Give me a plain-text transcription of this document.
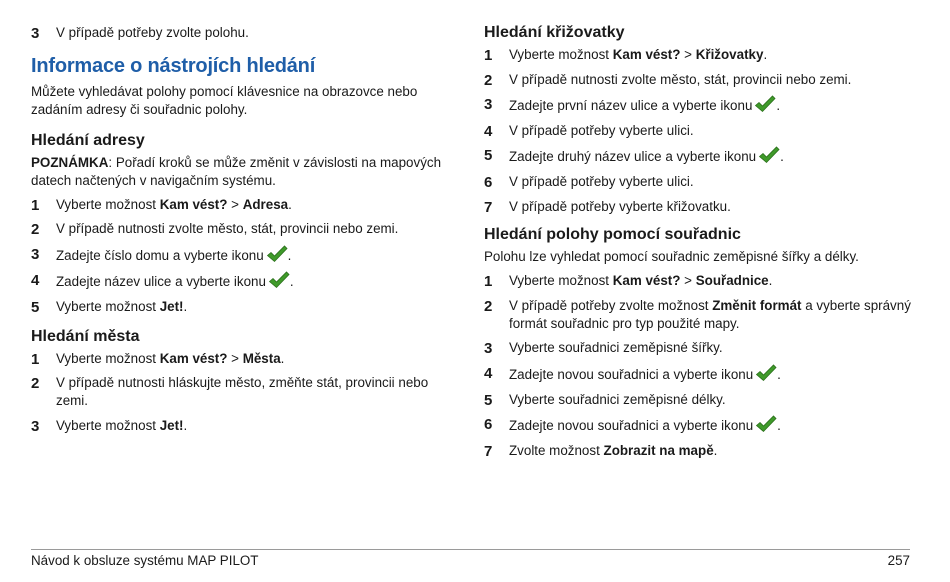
3 V případě potřeby zvolte polohu.
Informace o nástrojích hledání

Můžete vyhledávat polohy pomocí klávesnice na obrazovce nebo zadáním adresy či souřadnic polohy.

Hledání adresy

POZNÁMKA: Pořadí kroků se může změnit v závislosti na mapových datech načtených v navigačním systému.

1 Vyberte možnost Kam vést? > Adresa.
2 V případě nutnosti zvolte město, stát, provincii nebo zemi.
3 Zadejte číslo domu a vyberte ikonu .
4 Zadejte název ulice a vyberte ikonu .
5 Vyberte možnost Jet!.
Hledání města
1 Vyberte možnost Kam vést? > Města.
2 V případě nutnosti hláskujte město, změňte stát, provincii nebo zemi.
3 Vyberte možnost Jet!.
Hledání křižovatky
1 Vyberte možnost Kam vést? > Křižovatky.
2 V případě nutnosti zvolte město, stát, provincii nebo zemi.
3 Zadejte první název ulice a vyberte ikonu .
4 V případě potřeby vyberte ulici.
5 Zadejte druhý název ulice a vyberte ikonu .
6 V případě potřeby vyberte ulici.
7 V případě potřeby vyberte křižovatku.
Hledání polohy pomocí souřadnic

Polohu lze vyhledat pomocí souřadnic zeměpisné šířky a délky.

1 Vyberte možnost Kam vést? > Souřadnice.
2 V případě potřeby zvolte možnost Změnit formát a vyberte správný formát souřadnic pro typ použité mapy.
3 Vyberte souřadnici zeměpisné šířky.
4 Zadejte novou souřadnici a vyberte ikonu .
5 Vyberte souřadnici zeměpisné délky.
6 Zadejte novou souřadnici a vyberte ikonu .
7 Zvolte možnost Zobrazit na mapě.
Návod k obsluze systému MAP PILOT	257
